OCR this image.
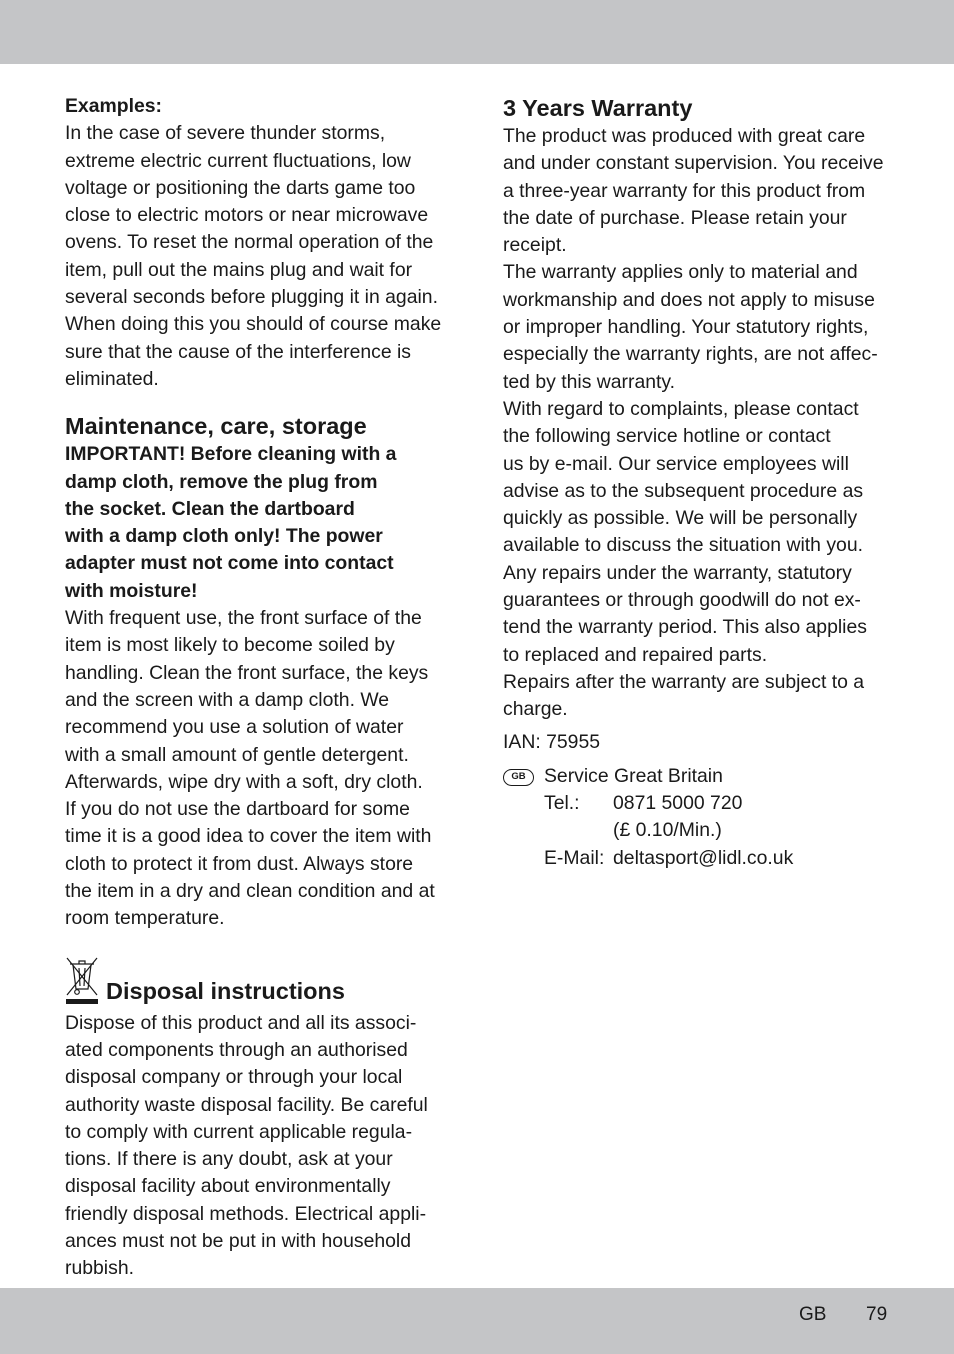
Examples:

In the case of severe thunder storms,
extreme electric current fluctuations, low
voltage or positioning the darts game too
close to electric motors or near microwave
ovens. To reset the normal operation of the
item, pull out the mains plug and wait for
several seconds before plugging it in again.
When doing this you should of course make
sure that the cause of the interference is
eliminated.

Maintenance, care, storage

IMPORTANT! Before cleaning with a
damp cloth, remove the plug from
the socket. Clean the dartboard
with a damp cloth only! The power
adapter must not come into contact
with moisture!
With frequent use, the front surface of the
item is most likely to become soiled by
handling. Clean the front surface, the keys
and the screen with a damp cloth. We
recommend you use a solution of water
with a small amount of gentle detergent.
Afterwards, wipe dry with a soft, dry cloth.
If you do not use the dartboard for some
time it is a good idea to cover the item with
cloth to protect it from dust. Always store
the item in a dry and clean condition and at
room temperature.
Disposal instructions
Dispose of this product and all its associ-
ated components through an authorised
disposal company or through your local
authority waste disposal facility. Be careful
to comply with current applicable regula-
tions. If there is any doubt, ask at your
disposal facility about environmentally
friendly disposal methods. Electrical appli-
ances must not be put in with household
rubbish.

3 Years Warranty

The product was produced with great care
and under constant supervision. You receive
a three-year warranty for this product from
the date of purchase. Please retain your
receipt.
The warranty applies only to material and
workmanship and does not apply to misuse
or improper handling. Your statutory rights,
especially the warranty rights, are not affec-
ted by this warranty.
With regard to complaints, please contact
the following service hotline or contact
us by e-mail. Our service employees will
advise as to the subsequent procedure as
quickly as possible. We will be personally
available to discuss the situation with you.
Any repairs under the warranty, statutory
guarantees or through goodwill do not ex-
tend the warranty period. This also applies
to replaced and repaired parts.
Repairs after the warranty are subject to a
charge.

IAN: 75955

GB Service Great Britain
Tel.: 0871 5000 720
(£ 0.10/Min.)
E-Mail: deltasport@lidl.co.uk
GB 79
